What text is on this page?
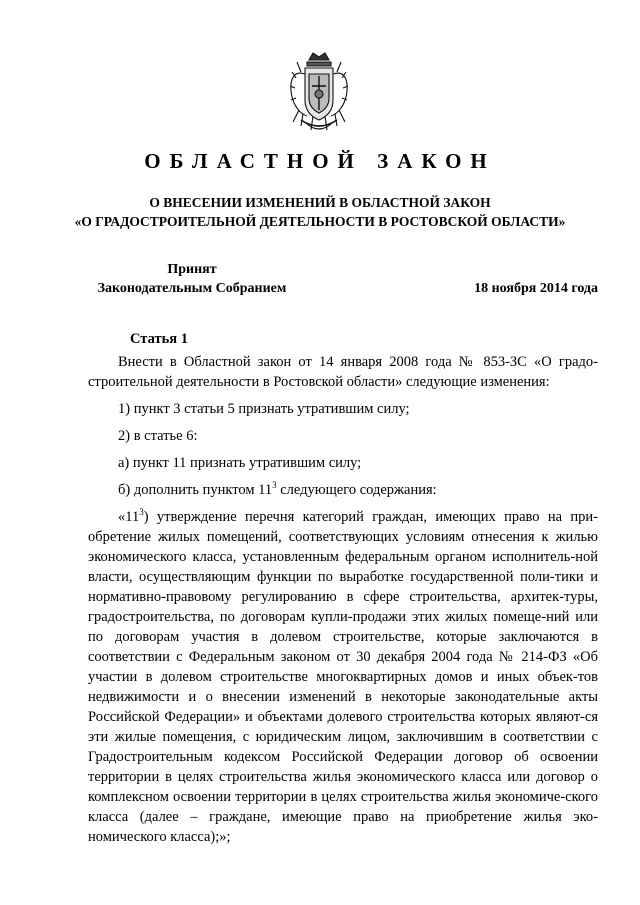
ОБЛАСТНОЙ ЗАКОН
О ВНЕСЕНИИ ИЗМЕНЕНИЙ В ОБЛАСТНОЙ ЗАКОН
«О ГРАДОСТРОИТЕЛЬНОЙ ДЕЯТЕЛЬНОСТИ В РОСТОВСКОЙ ОБЛАСТИ»
Принят
Законодательным Собранием	18 ноября 2014 года
Статья 1

Внести в Областной закон от 14 января 2008 года № 853-ЗС «О градо-строительной деятельности в Ростовской области» следующие изменения:

1) пункт 3 статьи 5 признать утратившим силу;

2) в статье 6:

а) пункт 11 признать утратившим силу;

б) дополнить пунктом $11^3$ следующего содержания:

«$11^3$) утверждение перечня категорий граждан, имеющих право на при-обретение жилых помещений, соответствующих условиям отнесения к жилью экономического класса, установленным федеральным органом исполнитель-ной власти, осуществляющим функции по выработке государственной поли-тики и нормативно-правовому регулированию в сфере строительства, архитек-туры, градостроительства, по договорам купли-продажи этих жилых помеще-ний или по договорам участия в долевом строительстве, которые заключаются в соответствии с Федеральным законом от 30 декабря 2004 года № 214-ФЗ «Об участии в долевом строительстве многоквартирных домов и иных объек-тов недвижимости и о внесении изменений в некоторые законодательные акты Российской Федерации» и объектами долевого строительства которых являют-ся эти жилые помещения, с юридическим лицом, заключившим в соответствии с Градостроительным кодексом Российской Федерации договор об освоении территории в целях строительства жилья экономического класса или договор о комплексном освоении территории в целях строительства жилья экономиче-ского класса (далее – граждане, имеющие право на приобретение жилья эко-номического класса);»;
